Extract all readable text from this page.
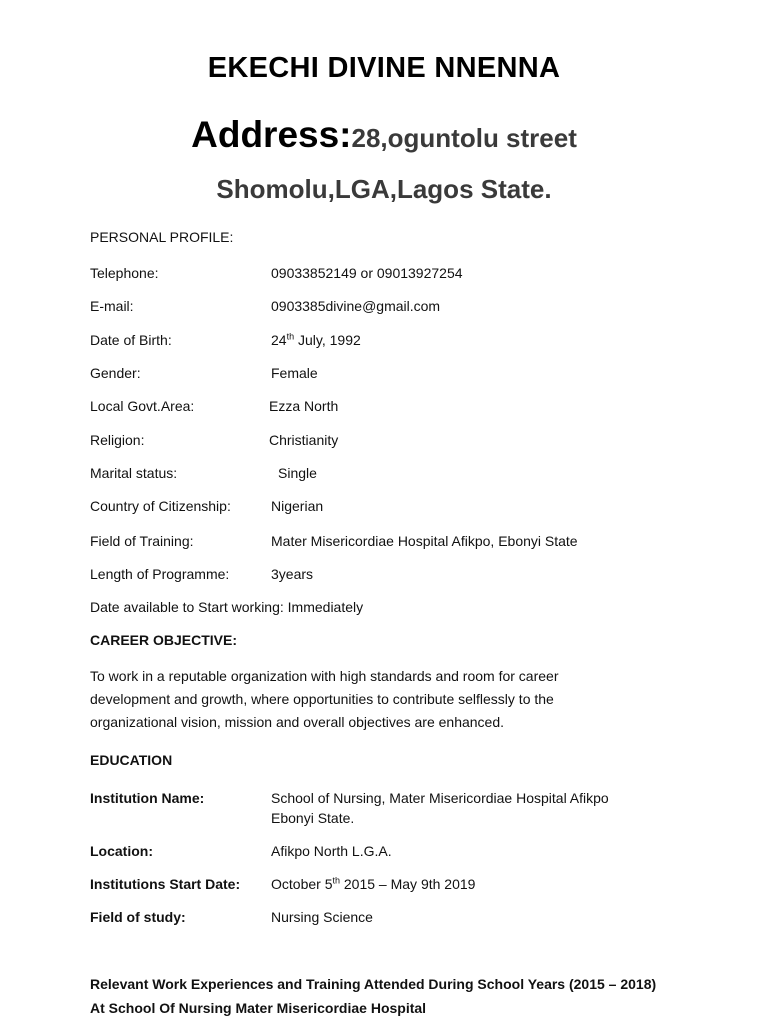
EKECHI DIVINE NNENNA
Address:28,oguntolu street
Shomolu,LGA,Lagos State.
PERSONAL PROFILE:
Telephone:	09033852149 or 09013927254
E-mail:	0903385divine@gmail.com
Date of Birth:	24th July, 1992
Gender:	Female
Local Govt.Area:	Ezza North
Religion:	Christianity
Marital status:	Single
Country of Citizenship:	Nigerian
Field of Training:	Mater Misericordiae Hospital Afikpo, Ebonyi State
Length of Programme:	3years
Date available to Start working: Immediately
CAREER OBJECTIVE:
To work in a reputable organization with high standards and room for career
development and growth, where opportunities to contribute selflessly to the
organizational vision, mission and overall objectives are enhanced.
EDUCATION
Institution Name:	School of Nursing, Mater Misericordiae Hospital Afikpo
Ebonyi State.
Location:	Afikpo North L.G.A.
Institutions Start Date: October 5th 2015 – May 9th 2019
Field of study:	Nursing Science
Relevant Work Experiences and Training Attended During School Years (2015 – 2018)
At School Of Nursing Mater Misericordiae Hospital
